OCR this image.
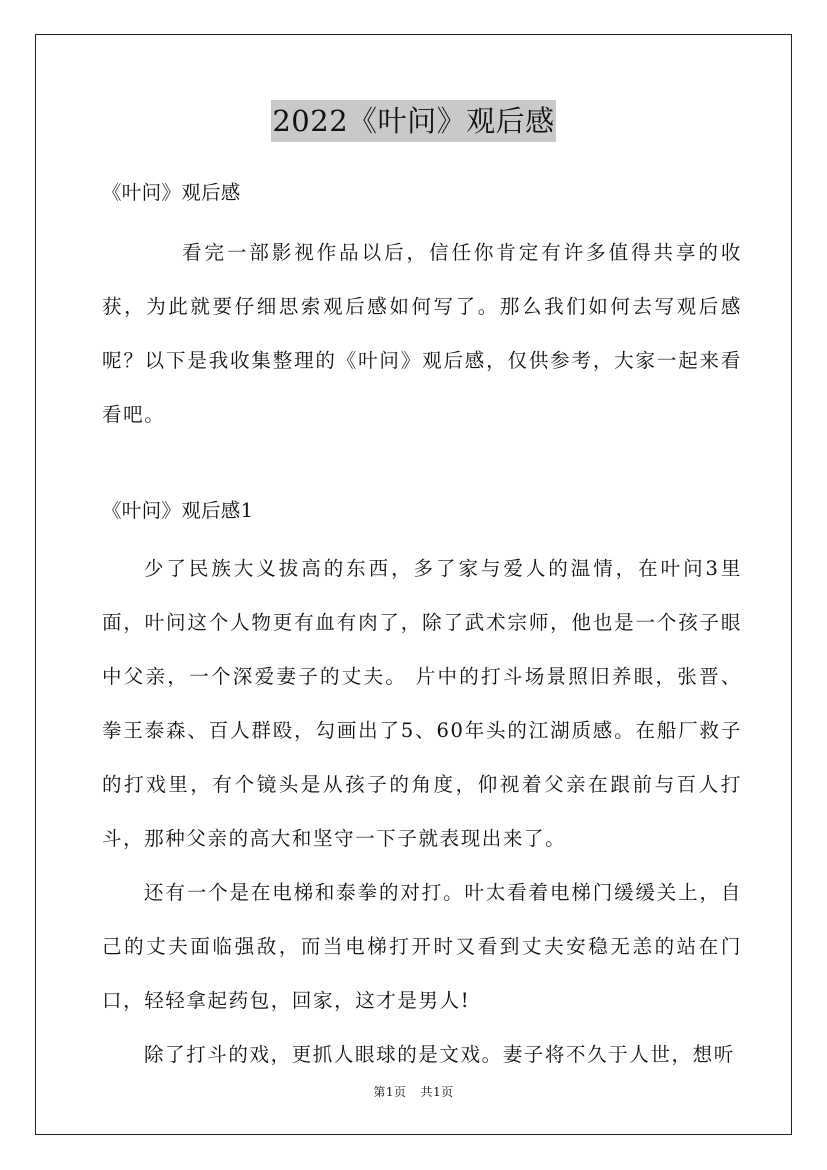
2022《叶问》观后感

《叶问》观后感

看完一部影视作品以后，信任你肯定有许多值得共享的收获，为此就要仔细思索观后感如何写了。那么我们如何去写观后感呢？以下是我收集整理的《叶问》观后感，仅供参考，大家一起来看看吧。

《叶问》观后感1

少了民族大义拔高的东西，多了家与爱人的温情，在叶问3里面，叶问这个人物更有血有肉了，除了武术宗师，他也是一个孩子眼中父亲，一个深爱妻子的丈夫。 片中的打斗场景照旧养眼，张晋、拳王泰森、百人群殴，勾画出了5、60年头的江湖质感。在船厂救子的打戏里，有个镜头是从孩子的角度，仰视着父亲在跟前与百人打斗，那种父亲的高大和坚守一下子就表现出来了。

还有一个是在电梯和泰拳的对打。叶太看着电梯门缓缓关上，自己的丈夫面临强敌，而当电梯打开时又看到丈夫安稳无恙的站在门口，轻轻拿起药包，回家，这才是男人!

除了打斗的戏，更抓人眼球的是文戏。妻子将不久于人世，想听

第1页 共1页
